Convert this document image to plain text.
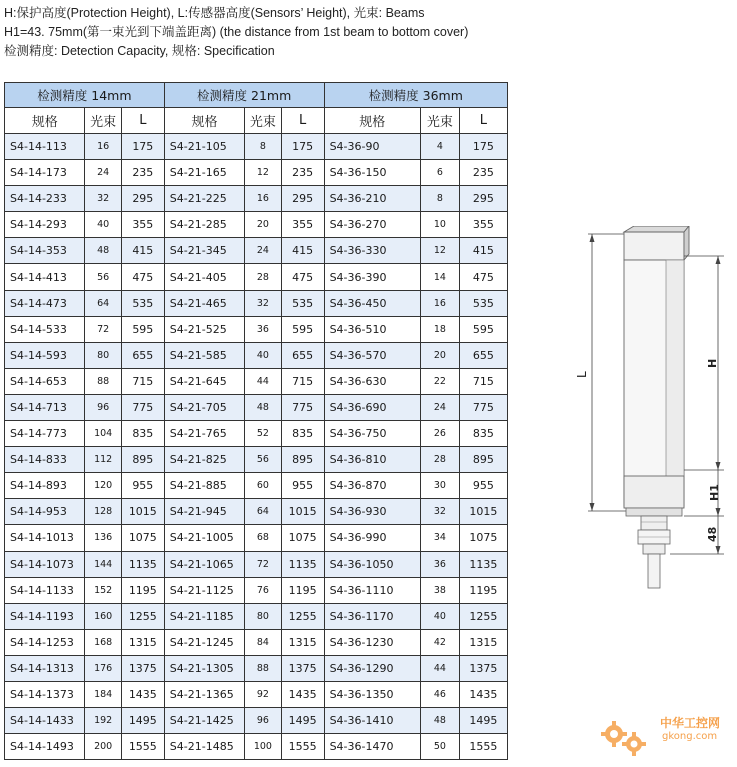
H:保护高度(Protection Height), L:传感器高度(Sensors’ Height), 光束: Beams
H1=43. 75mm(第一束光到下端盖距离) (the distance from 1st beam to bottom cover)
检测精度: Detection Capacity, 规格: Specification
检测精度 14mm			检测精度 21mm			检测精度 36mm		
规格	光束	L	规格	光束	L	规格	光束	L
S4-14-113	16	175	S4-21-105	8	175	S4-36-90	4	175
S4-14-173	24	235	S4-21-165	12	235	S4-36-150	6	235
S4-14-233	32	295	S4-21-225	16	295	S4-36-210	8	295
S4-14-293	40	355	S4-21-285	20	355	S4-36-270	10	355
S4-14-353	48	415	S4-21-345	24	415	S4-36-330	12	415
S4-14-413	56	475	S4-21-405	28	475	S4-36-390	14	475
S4-14-473	64	535	S4-21-465	32	535	S4-36-450	16	535
S4-14-533	72	595	S4-21-525	36	595	S4-36-510	18	595
S4-14-593	80	655	S4-21-585	40	655	S4-36-570	20	655
S4-14-653	88	715	S4-21-645	44	715	S4-36-630	22	715
S4-14-713	96	775	S4-21-705	48	775	S4-36-690	24	775
S4-14-773	104	835	S4-21-765	52	835	S4-36-750	26	835
S4-14-833	112	895	S4-21-825	56	895	S4-36-810	28	895
S4-14-893	120	955	S4-21-885	60	955	S4-36-870	30	955
S4-14-953	128	1015	S4-21-945	64	1015	S4-36-930	32	1015
S4-14-1013	136	1075	S4-21-1005	68	1075	S4-36-990	34	1075
S4-14-1073	144	1135	S4-21-1065	72	1135	S4-36-1050	36	1135
S4-14-1133	152	1195	S4-21-1125	76	1195	S4-36-1110	38	1195
S4-14-1193	160	1255	S4-21-1185	80	1255	S4-36-1170	40	1255
S4-14-1253	168	1315	S4-21-1245	84	1315	S4-36-1230	42	1315
S4-14-1313	176	1375	S4-21-1305	88	1375	S4-36-1290	44	1375
S4-14-1373	184	1435	S4-21-1365	92	1435	S4-36-1350	46	1435
S4-14-1433	192	1495	S4-21-1425	96	1495	S4-36-1410	48	1495
S4-14-1493	200	1555	S4-21-1485	100	1555	S4-36-1470	50	1555
L
H
H1
48
中华工控网
gkong.com
